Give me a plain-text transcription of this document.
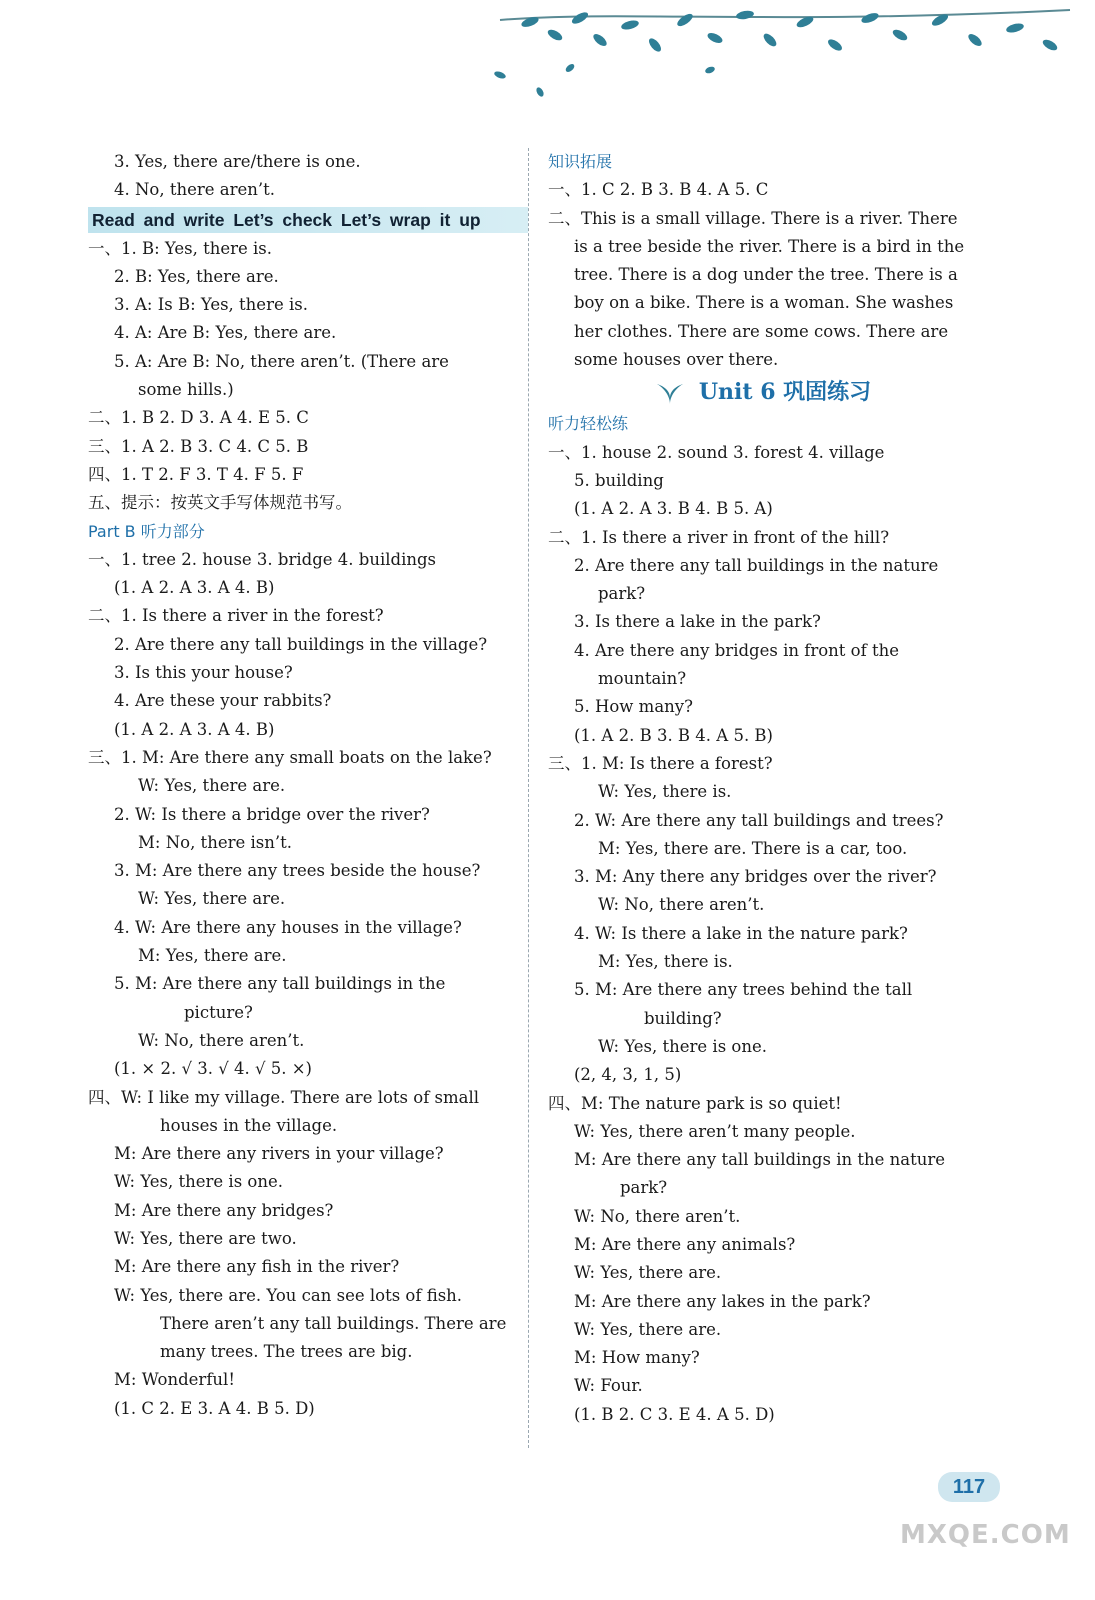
3. Yes, there are/there is one.
4. No, there aren’t.
Read and write Let’s check Let’s wrap it up
一、1. B: Yes, there is.
2. B: Yes, there are.
3. A: Is B: Yes, there is.
4. A: Are B: Yes, there are.
5. A: Are B: No, there aren’t. (There are
some hills.)
二、1. B 2. D 3. A 4. E 5. C
三、1. A 2. B 3. C 4. C 5. B
四、1. T 2. F 3. T 4. F 5. F
五、提示：按英文手写体规范书写。
Part B 听力部分
一、1. tree 2. house 3. bridge 4. buildings
(1. A 2. A 3. A 4. B)
二、1. Is there a river in the forest?
2. Are there any tall buildings in the village?
3. Is this your house?
4. Are these your rabbits?
(1. A 2. A 3. A 4. B)
三、1. M: Are there any small boats on the lake?
W: Yes, there are.
2. W: Is there a bridge over the river?
M: No, there isn’t.
3. M: Are there any trees beside the house?
W: Yes, there are.
4. W: Are there any houses in the village?
M: Yes, there are.
5. M: Are there any tall buildings in the
picture?
W: No, there aren’t.
(1. × 2. √ 3. √ 4. √ 5. ×)
四、W: I like my village. There are lots of small
houses in the village.
M: Are there any rivers in your village?
W: Yes, there is one.
M: Are there any bridges?
W: Yes, there are two.
M: Are there any fish in the river?
W: Yes, there are. You can see lots of fish.
There aren’t any tall buildings. There are
many trees. The trees are big.
M: Wonderful!
(1. C 2. E 3. A 4. B 5. D)
知识拓展
一、1. C 2. B 3. B 4. A 5. C
二、This is a small village. There is a river. There
is a tree beside the river. There is a bird in the
tree. There is a dog under the tree. There is a
boy on a bike. There is a woman. She washes
her clothes. There are some cows. There are
some houses over there.
Unit 6 巩固练习
听力轻松练
一、1. house 2. sound 3. forest 4. village
5. building
(1. A 2. A 3. B 4. B 5. A)
二、1. Is there a river in front of the hill?
2. Are there any tall buildings in the nature
park?
3. Is there a lake in the park?
4. Are there any bridges in front of the
mountain?
5. How many?
(1. A 2. B 3. B 4. A 5. B)
三、1. M: Is there a forest?
W: Yes, there is.
2. W: Are there any tall buildings and trees?
M: Yes, there are. There is a car, too.
3. M: Any there any bridges over the river?
W: No, there aren’t.
4. W: Is there a lake in the nature park?
M: Yes, there is.
5. M: Are there any trees behind the tall
building?
W: Yes, there is one.
(2, 4, 3, 1, 5)
四、M: The nature park is so quiet!
W: Yes, there aren’t many people.
M: Are there any tall buildings in the nature
park?
W: No, there aren’t.
M: Are there any animals?
W: Yes, there are.
M: Are there any lakes in the park?
W: Yes, there are.
M: How many?
W: Four.
(1. B 2. C 3. E 4. A 5. D)
117
MXQE.COM
